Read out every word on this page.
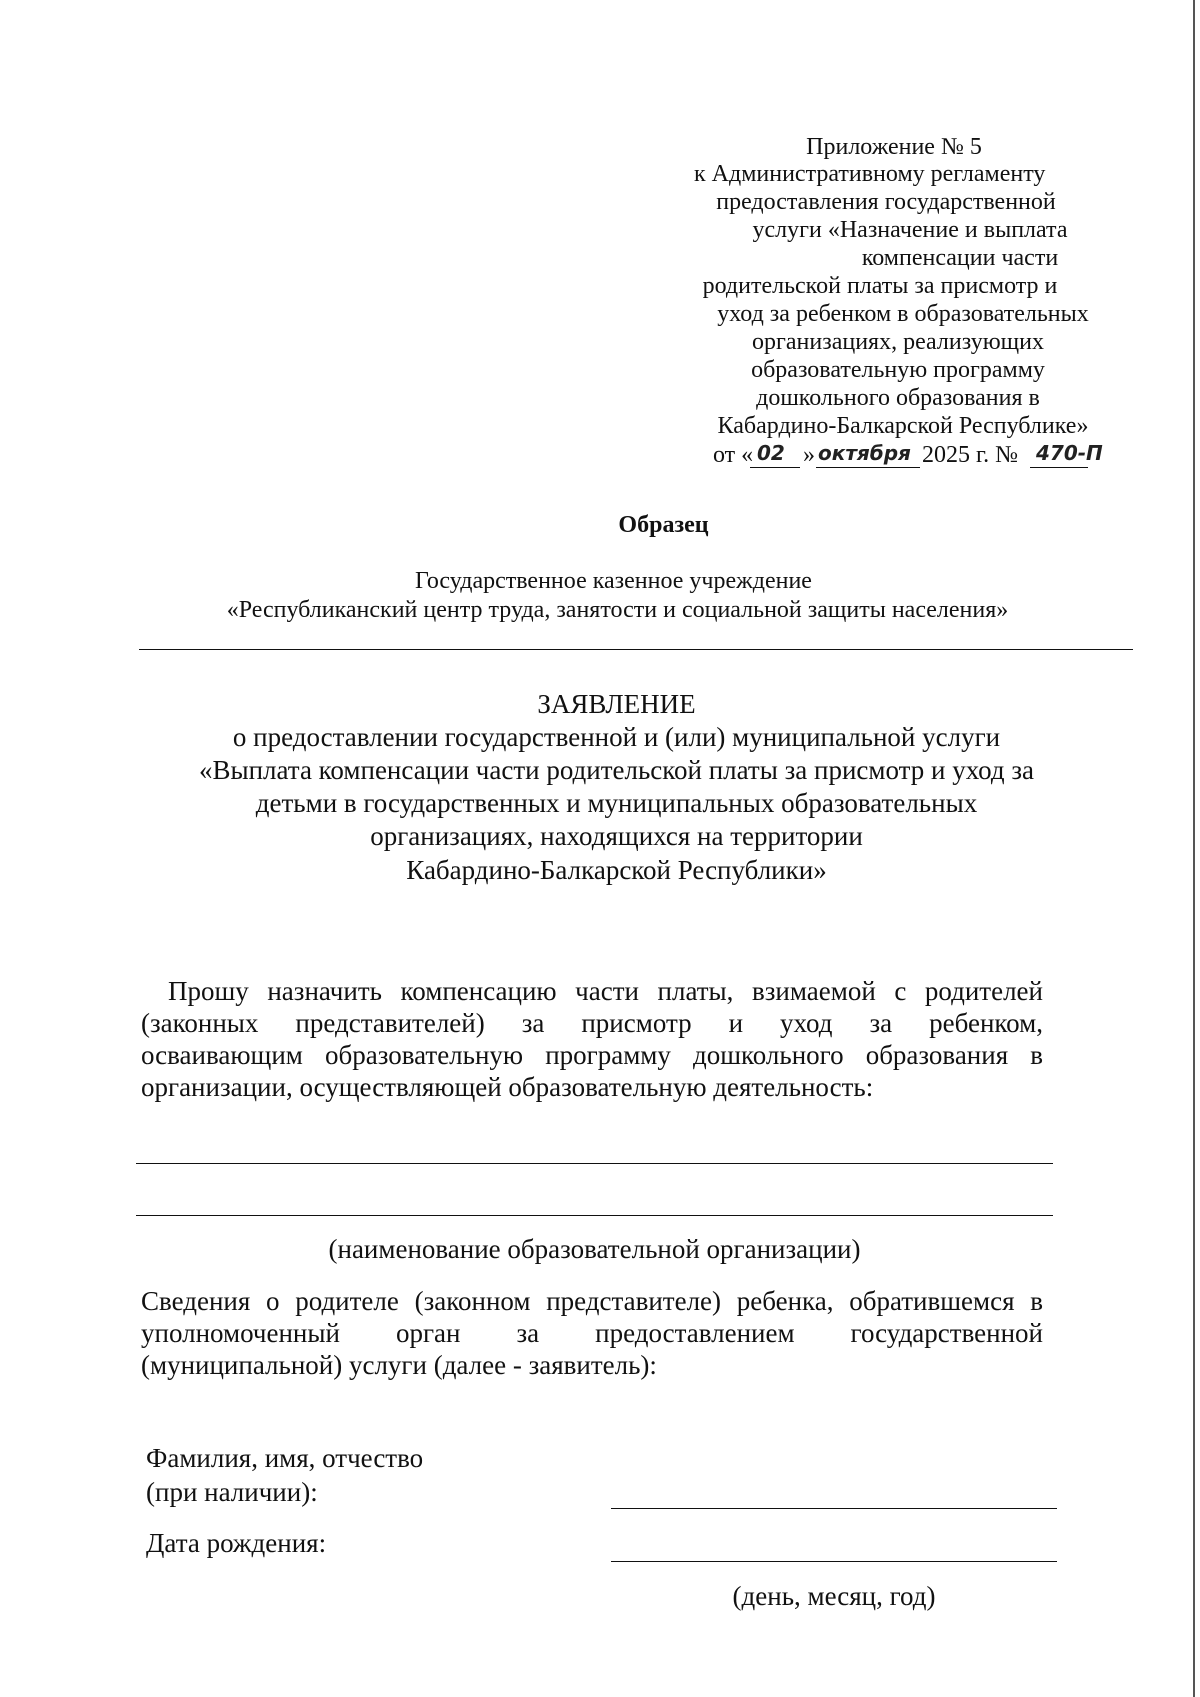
Приложение № 5
к Административному регламенту
предоставления государственной
услуги «Назначение и выплата
компенсации части
родительской платы за присмотр и
уход за ребенком в образовательных
организациях, реализующих
образовательную программу
дошкольного образования в
Кабардино-Балкарской Республике»
от « 02 » октября 2025 г. № 470-П
Образец
Государственное казенное учреждение
«Республиканский центр труда, занятости и социальной защиты населения»
ЗАЯВЛЕНИЕ
о предоставлении государственной и (или) муниципальной услуги
«Выплата компенсации части родительской платы за присмотр и уход за
детьми в государственных и муниципальных образовательных
организациях, находящихся на территории
Кабардино-Балкарской Республики»
Прошу назначить компенсацию части платы, взимаемой с родителей
(законных представителей) за присмотр и уход за ребенком,
осваивающим образовательную программу дошкольного образования в
организации, осуществляющей образовательную деятельность:
(наименование образовательной организации)
Сведения о родителе (законном представителе) ребенка, обратившемся в
уполномоченный орган за предоставлением государственной
(муниципальной) услуги (далее - заявитель):
Фамилия, имя, отчество
(при наличии):
Дата рождения:
(день, месяц, год)
